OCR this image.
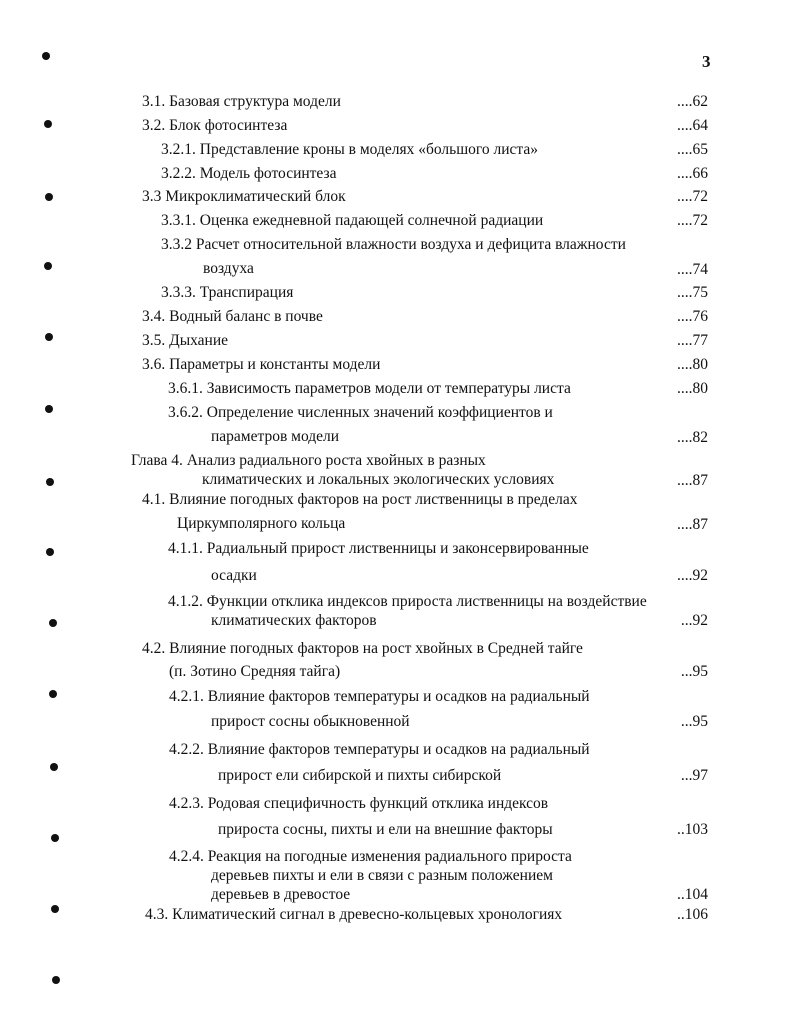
3
3.1. Базовая структура модели	....62
3.2. Блок фотосинтеза	....64
3.2.1. Представление кроны в моделях «большого листа»	....65
3.2.2. Модель фотосинтеза	....66
3.3 Микроклиматический блок	....72
3.3.1. Оценка ежедневной падающей солнечной радиации	....72
3.3.2 Расчет относительной влажности воздуха и дефицита влажности
воздуха	....74
3.3.3. Транспирация	....75
3.4. Водный баланс в почве	....76
3.5. Дыхание	....77
3.6. Параметры и константы модели	....80
3.6.1. Зависимость параметров модели от температуры листа	....80
3.6.2. Определение численных значений коэффициентов и
параметров модели	....82
Глава 4. Анализ радиального роста хвойных в разных
климатических и локальных экологических условиях	....87
4.1. Влияние погодных факторов на рост лиственницы в пределах
Циркумполярного кольца	....87
4.1.1. Радиальный прирост лиственницы и законсервированные
осадки	....92
4.1.2. Функции отклика индексов прироста лиственницы на воздействие
климатических факторов	...92
4.2. Влияние погодных факторов на рост хвойных в Средней тайге
(п. Зотино Средняя тайга)	...95
4.2.1. Влияние факторов температуры и осадков на радиальный
прирост сосны обыкновенной	...95
4.2.2. Влияние факторов температуры и осадков на радиальный
прирост ели сибирской и пихты сибирской	...97
4.2.3. Родовая специфичность функций отклика индексов
прироста сосны, пихты и ели на внешние факторы	..103
4.2.4. Реакция на погодные изменения радиального прироста
деревьев пихты и ели в связи с разным положением
деревьев в древостое	..104
4.3. Климатический сигнал в древесно-кольцевых хронологиях	..106
